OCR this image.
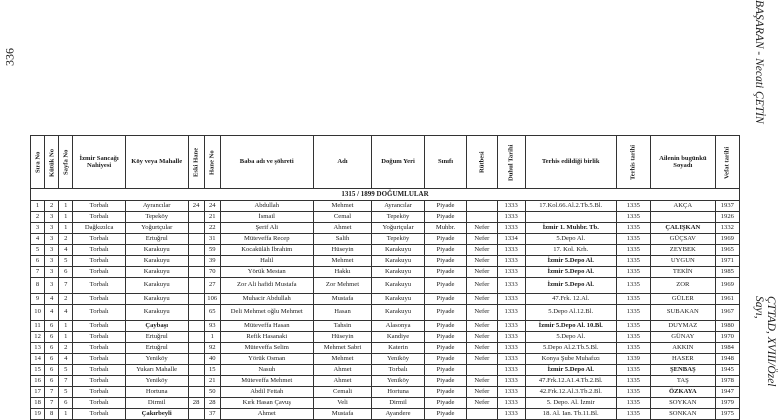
336	BAŞARAN - Necati ÇETİN
ÇTTAD, XVIII/Özel Sayı,
Sıra No	Kütük No	Sayfa No	İzmir Sancağı Nahiyesi	Köy veya Mahalle	Eski Hane	Hane No	Baba adı ve şöhreti	Adı	Doğum Yeri	Sınıfı	Rütbesi	Duhul Tarihi	Terhis edildiği birlik	Terhis tarihi	Ailenin bugünkü Soyadı	Vefat tarihi
1315 / 1899 DOĞUMLULAR																
1	2	1	Torbalı	Ayrancılar	24	24	Abdullah	Mehmet	Ayrancılar	Piyade		1333	17.Kol.66.Al.2.Tb.5.Bl.	1335	AKÇA	1937
2	3	1	Torbalı	Tepeköy		21	İsmail	Cemal	Tepeköy	Piyade		1333		1335		1926
3	3	1	Dağkızılca	Yoğurtçular		22	Şerif Ali	Ahmet	Yoğurtçular	Muhbr.	Nefer	1333	İzmir 1. Muhbr. Tb.	1335	ÇALIŞKAN	1332
4	3	2	Torbalı	Ertuğrul		31	Müteveffa Recep	Salih	Tepeköy	Piyade	Nefer	1334	5.Depo Al.	1335	GÜÇSAV	1969
5	3	4	Torbalı	Karakuyu		59	Kocaküläh İbrahim	Hüseyin	Karakuyu	Piyade	Nefer	1333	17. Kol. Krh.	1335	ZEYBEK	1965
6	3	5	Torbalı	Karakuyu		39	Halil	Mehmet	Karakuyu	Piyade	Nefer	1333	İzmir 5.Depo Al.	1335	UYGUN	1971
7	3	6	Torbalı	Karakuyu		70	Yörük Mestan	Hakkı	Karakuyu	Piyade	Nefer	1333	İzmir 5.Depo Al.	1335	TEKİN	1985
8	3	7	Torbalı	Karakuyu		27	Zor Ali hafidi Mustafa	Zor Mehmet	Karakuyu	Piyade	Nefer	1333	İzmir 5.Depo Al.	1335	ZOR	1969
9	4	2	Torbalı	Karakuyu		106	Muhacir Abdullah	Mustafa	Karakuyu	Piyade	Nefer	1333	47.Frk. 12.Al.	1335	GÜLER	1961
10	4	4	Torbalı	Karakuyu		65	Deli Mehmet oğlu Mehmet	Hasan	Karakuyu	Piyade	Nefer	1333	5.Depo Al.12.Bl.	1335	SUBAKAN	1967
11	6	1	Torbalı	Çaybaşı		93	Müteveffa Hasan	Tahsin	Alasonya	Piyade	Nefer	1333	İzmir 5.Depo Al. 10.Bl.	1335	DUYMAZ	1980
12	6	1	Torbalı	Ertuğrul		1	Refik Hasanaki	Hüseyin	Kandiye	Piyade	Nefer	1333	5.Depo Al.	1335	GÜNAY	1970
13	6	2	Torbalı	Ertuğrul		92	Müteveffa Selim	Mehmet Sabri	Katerin	Piyade	Nefer	1333	5.Depo Al.2.Tb.5.Bl.	1335	AKKIN	1984
14	6	4	Torbalı	Yeniköy		40	Yörük Osman	Mehmet	Yeniköy	Piyade	Nefer	1333	Konya Şube Muhafızı	1339	HASER	1948
15	6	5	Torbalı	Yukarı Mahalle		15	Nasuh	Ahmet	Torbalı	Piyade		1333	İzmir 5.Depo Al.	1335	ŞENBAŞ	1945
16	6	7	Torbalı	Yeniköy		21	Müteveffa Mehmet	Ahmet	Yeniköy	Piyade	Nefer	1333	47.Frk.12.A1.4.Tb.2.Bl.	1335	TAŞ	1978
17	7	5	Torbalı	Hortuna		50	Abdil Fettah	Cemali	Hortuna	Piyade	Nefer	1333	42.Frk.12.Al.3.Tb.2.Bl.	1335	ÖZKAYA	1947
18	7	6	Torbalı	Dirmil	28	28	Kırk Hasan Çavuş	Veli	Dirmil	Piyade	Nefer	1333	5. Depo. Al. İzmir	1335	SOYKAN	1979
19	8	1	Torbalı	Çakırbeyli		37	Ahmet	Mustafa	Ayandere	Piyade		1333	18. Al. Ian. Tb.11.Bl.	1335	SONKAN	1975
